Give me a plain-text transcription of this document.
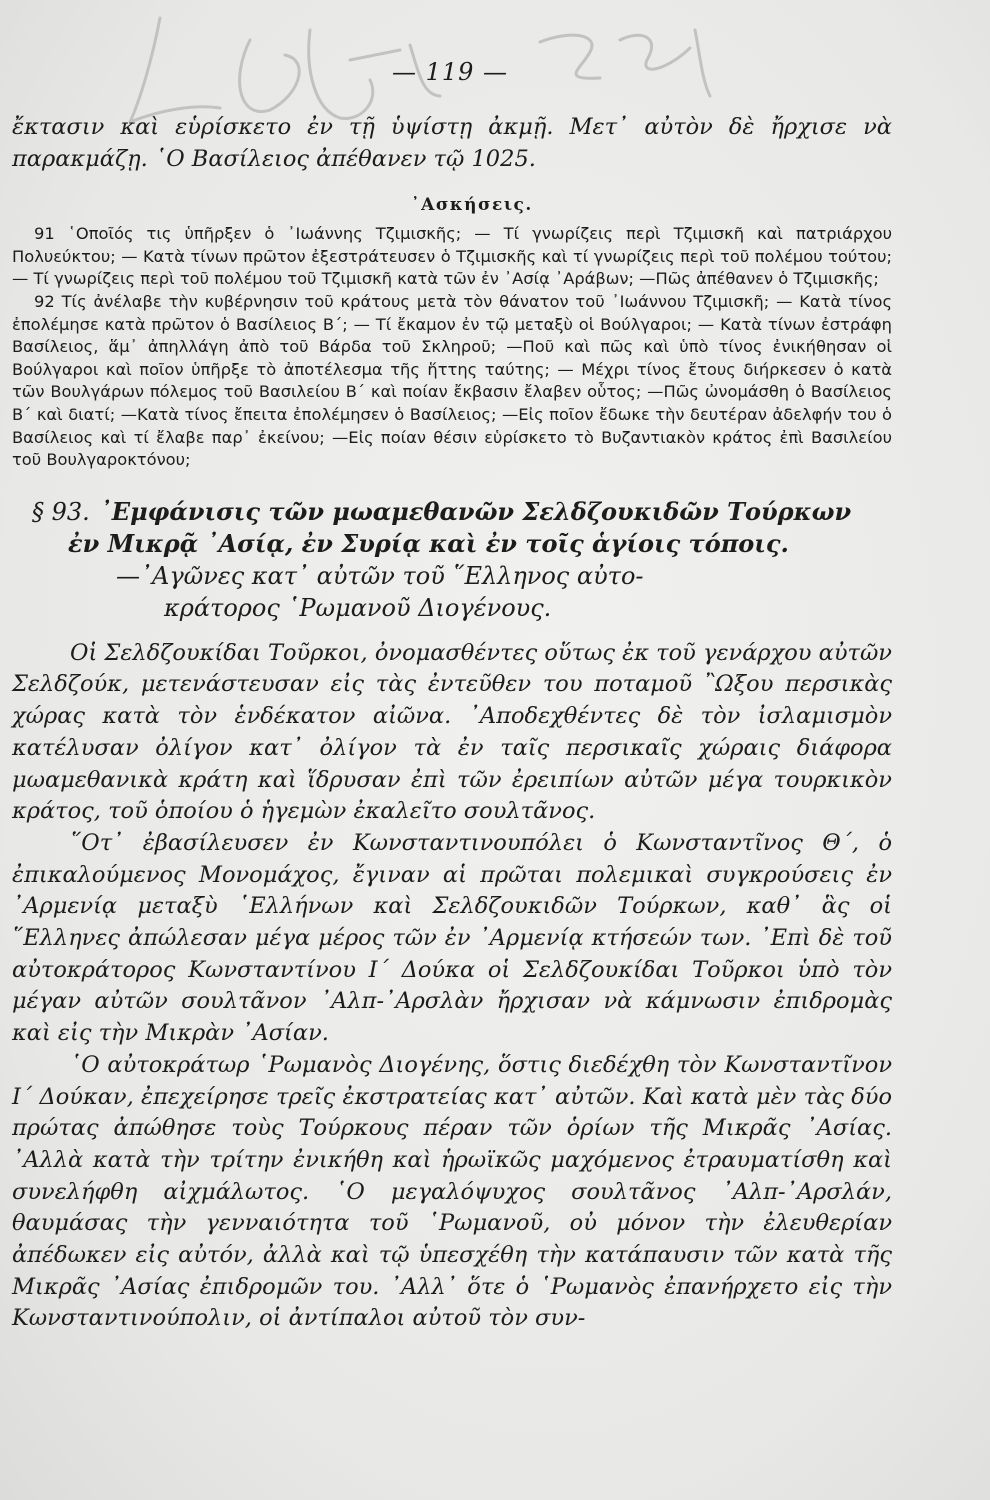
— 119 —

ἔκτασιν καὶ εὑρίσκετο ἐν τῇ ὑψίστῃ ἀκμῇ. Μετ᾽ αὐτὸν δὲ ἤρχισε νὰ παρακμάζῃ. ῾Ο Βασίλειος ἀπέθανεν τῷ 1025.

᾽Ασκήσεις.

91 ῾Οποῖός τις ὑπῆρξεν ὁ ᾽Ιωάννης Τζιμισκῆς; — Τί γνωρίζεις περὶ Τζιμισκῆ καὶ πατριάρχου Πολυεύκτου; — Κατὰ τίνων πρῶτον ἐξεστράτευσεν ὁ Τζιμισκῆς καὶ τί γνωρίζεις περὶ τοῦ πολέμου τούτου; — Τί γνωρίζεις περὶ τοῦ πολέμου τοῦ Τζιμισκῆ κατὰ τῶν ἐν ᾽Ασίᾳ ᾽Αράβων; —Πῶς ἀπέθανεν ὁ Τζιμισκῆς;

92 Τίς ἀνέλαβε τὴν κυβέρνησιν τοῦ κράτους μετὰ τὸν θάνατον τοῦ ᾽Ιωάννου Τζιμισκῆ; — Κατὰ τίνος ἐπολέμησε κατὰ πρῶτον ὁ Βασίλειος Β΄; — Τί ἔκαμον ἐν τῷ μεταξὺ οἱ Βούλγαροι; — Κατὰ τίνων ἐστράφη Βασίλειος, ἅμ᾽ ἀπηλλάγη ἀπὸ τοῦ Βάρδα τοῦ Σκληροῦ; —Ποῦ καὶ πῶς καὶ ὑπὸ τίνος ἐνικήθησαν οἱ Βούλγαροι καὶ ποῖον ὑπῆρξε τὸ ἀποτέλεσμα τῆς ἥττης ταύτης; — Μέχρι τίνος ἔτους διήρκεσεν ὁ κατὰ τῶν Βουλγάρων πόλεμος τοῦ Βασιλείου Β΄ καὶ ποίαν ἔκβασιν ἔλαβεν οὗτος; —Πῶς ὠνομάσθη ὁ Βασίλειος Β΄ καὶ διατί; —Κατὰ τίνος ἔπειτα ἐπολέμησεν ὁ Βασίλειος; —Εἰς ποῖον ἔδωκε τὴν δευτέραν ἀδελφήν του ὁ Βασίλειος καὶ τί ἔλαβε παρ᾽ ἐκείνου; —Εἰς ποίαν θέσιν εὑρίσκετο τὸ Βυζαντιακὸν κράτος ἐπὶ Βασιλείου τοῦ Βουλγαροκτόνου;

§ 93. ᾽Εμφάνισις τῶν μωαμεθανῶν Σελδζουκιδῶν Τούρκων
ἐν Μικρᾷ ᾽Ασίᾳ, ἐν Συρίᾳ καὶ ἐν τοῖς ἁγίοις τόποις.
—᾽Αγῶνες κατ᾽ αὐτῶν τοῦ ῞Ελληνος αὐτο-
κράτορος ῾Ρωμανοῦ Διογένους.

Οἱ Σελδζουκίδαι Τοῦρκοι, ὀνομασθέντες οὕτως ἐκ τοῦ γενάρχου αὐτῶν Σελδζούκ, μετενάστευσαν εἰς τὰς ἐντεῦθεν του ποταμοῦ ῍Ωξου περσικὰς χώρας κατὰ τὸν ἑνδέκατον αἰῶνα. ᾽Αποδεχθέντες δὲ τὸν ἰσλαμισμὸν κατέλυσαν ὀλίγον κατ᾽ ὀλίγον τὰ ἐν ταῖς περσικαῖς χώραις διάφορα μωαμεθανικὰ κράτη καὶ ἵδρυσαν ἐπὶ τῶν ἐρειπίων αὐτῶν μέγα τουρκικὸν κράτος, τοῦ ὁποίου ὁ ἡγεμὼν ἐκαλεῖτο σουλτᾶνος.

῞Οτ᾽ ἐβασίλευσεν ἐν Κωνσταντινουπόλει ὁ Κωνσταντῖνος Θ΄, ὁ ἐπικαλούμενος Μονομάχος, ἔγιναν αἱ πρῶται πολεμικαὶ συγκρούσεις ἐν ᾽Αρμενίᾳ μεταξὺ ῾Ελλήνων καὶ Σελδζουκιδῶν Τούρκων, καθ᾽ ἃς οἱ ῞Ελληνες ἀπώλεσαν μέγα μέρος τῶν ἐν ᾽Αρμενίᾳ κτήσεών των. ᾽Επὶ δὲ τοῦ αὐτοκράτορος Κωνσταντίνου Ι΄ Δούκα οἱ Σελδζουκίδαι Τοῦρκοι ὑπὸ τὸν μέγαν αὐτῶν σουλτᾶνον ᾽Αλπ-᾽Αρσλὰν ἤρχισαν νὰ κάμνωσιν ἐπιδρομὰς καὶ εἰς τὴν Μικρὰν ᾽Ασίαν.

῾Ο αὐτοκράτωρ ῾Ρωμανὸς Διογένης, ὅστις διεδέχθη τὸν Κωνσταντῖνον Ι΄ Δούκαν, ἐπεχείρησε τρεῖς ἐκστρατείας κατ᾽ αὐτῶν. Καὶ κατὰ μὲν τὰς δύο πρώτας ἀπώθησε τοὺς Τούρκους πέραν τῶν ὁρίων τῆς Μικρᾶς ᾽Ασίας. ᾽Αλλὰ κατὰ τὴν τρίτην ἐνικήθη καὶ ἡρωϊκῶς μαχόμενος ἐτραυματίσθη καὶ συνελήφθη αἰχμάλωτος. ῾Ο μεγαλόψυχος σουλτᾶνος ᾽Αλπ-᾽Αρσλάν, θαυμάσας τὴν γενναιότητα τοῦ ῾Ρωμανοῦ, οὐ μόνον τὴν ἐλευθερίαν ἀπέδωκεν εἰς αὐτόν, ἀλλὰ καὶ τῷ ὑπεσχέθη τὴν κατάπαυσιν τῶν κατὰ τῆς Μικρᾶς ᾽Ασίας ἐπιδρομῶν του. ᾽Αλλ᾽ ὅτε ὁ ῾Ρωμανὸς ἐπανήρχετο εἰς τὴν Κωνσταντινούπολιν, οἱ ἀντίπαλοι αὐτοῦ τὸν συν-
